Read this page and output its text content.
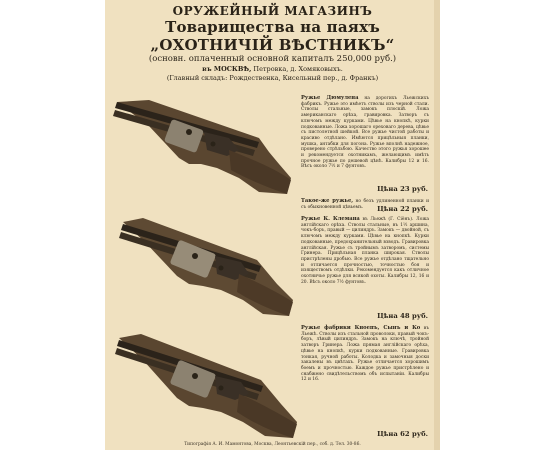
ОРУЖЕЙНЫЙ МАГАЗИНЪ
Товарищества на паяхъ „ОХОТНИЧІЙ ВѢСТНИКЪ“
(основн. оплаченный основной капиталъ 250,000 руб.)
въ МОСКВѢ, Петровка, д. Хомяковыхъ.
(Главный складъ: Рождественка, Кисельный пер., д. Франкъ)
Ружье Дюмулена на дорогихъ Льежскихъ фабрикъ. Ружье это имѣетъ стволы изъ черной стали. Стволы стальные, замокъ плоскій. Ложа американскаго орѣха, гравировка. Затворъ съ ключомъ между курками. Цѣвье на кнопкѣ, курки подкованные. Ложа хорошаго ореховаго дерева, цѣвье съ пистолетной шейкой. Все ружье чистой работы и красиво отдѣлано. Имѣются прицѣльныя планки, мушка, антабки для погона. Ружье вполнѣ надежное, проверено стрѣльбою. Качество этого ружья хорошее и рекомендуется охотникамъ, желающимъ имѣть прочное ружье по дешевой цѣнѣ. Калибры 12 и 16. Вѣсъ около 7½ и 7 фунтовъ.
Цѣна 23 руб.
Такое-же ружье, но безъ удлиненной планки и съ обыкновенной цѣвьемъ.	Цѣна 22 руб.
Ружье К. Клемана въ Льежѣ (Г. Сіёнъ). Ложа англійскаго орѣха. Стволы стальные, въ 1½ аршина, чокъ-боръ, правый — цилиндръ. Замокъ — двойной, съ ключомъ между курками. Цѣвье на кнопкѣ. Курки подкованные, предохранительный взводъ. Гравировка англійская. Ружье съ тройнымъ затворомъ, системы Гринера. Прицѣльная планка широкая. Стволы пристрѣлены дробью. Все ружье отдѣлано тщательно и отличается прочностью, точностью боя и изяществомъ отдѣлки. Рекомендуется какъ отличное охотничье ружье для всякой охоты. Калибры 12, 16 и 20. Вѣсъ около 7½ фунтовъ.
Цѣна 48 руб.
Ружье фабрики Кноепъ, Сынъ и Ко въ Льежѣ. Стволы изъ стальной проволоки, правый чокъ-боръ, лѣвый цилиндръ. Замокъ на ключѣ, тройной затворъ Гринера. Ложа прямая англійскаго орѣха, цѣвье на кнопкѣ, курки подкованные. Гравировка тонкая, ручной работы. Колодка и замочныя доски закалены въ цвѣтахъ. Ружье отличается хорошимъ боемъ и прочностью. Каждое ружье пристрѣлено и снабжено свидѣтельствомъ объ испытаніи. Калибры 12 и 16.
Цѣна 62 руб.
Типографія А. И. Мамонтова, Москва, Леонтьевскій пер., соб. д. Тел. 30-86.
